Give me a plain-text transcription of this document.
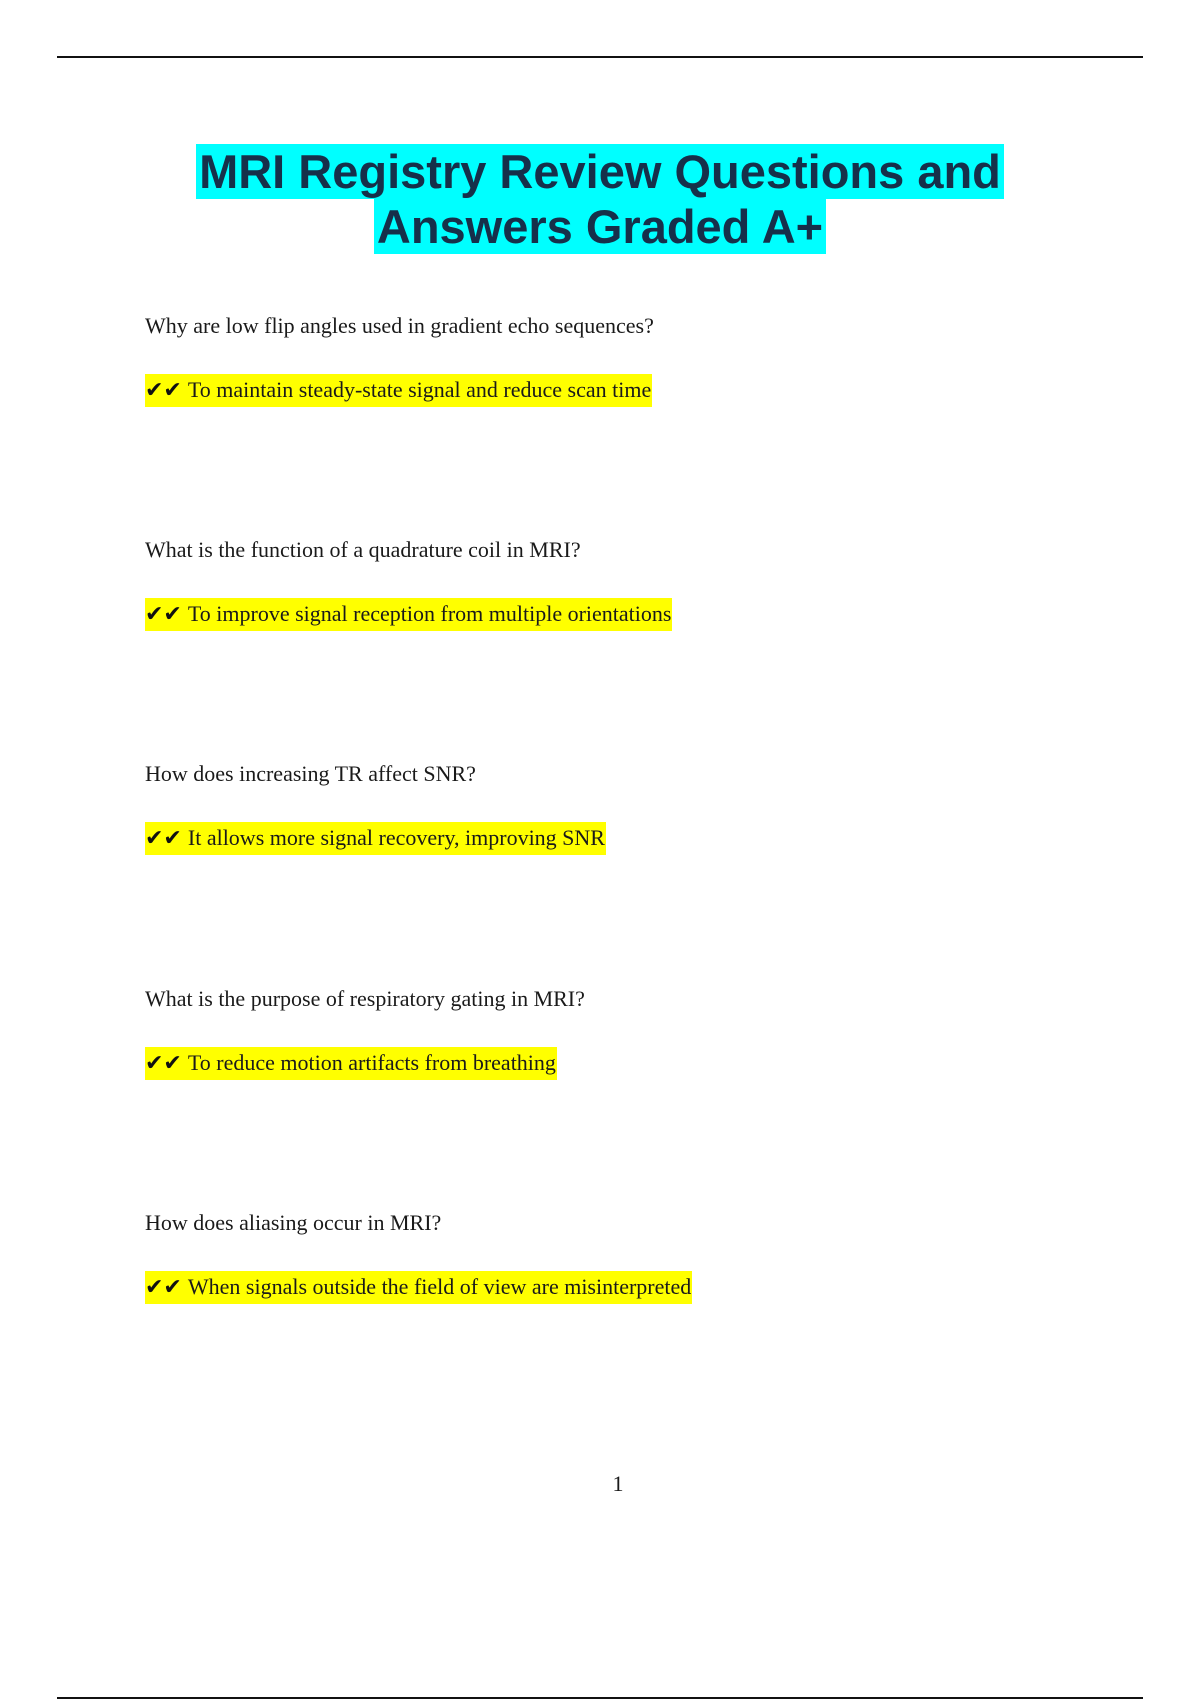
MRI Registry Review Questions and
Answers Graded A+

Why are low flip angles used in gradient echo sequences?

✔✔ To maintain steady-state signal and reduce scan time

What is the function of a quadrature coil in MRI?

✔✔ To improve signal reception from multiple orientations

How does increasing TR affect SNR?

✔✔ It allows more signal recovery, improving SNR

What is the purpose of respiratory gating in MRI?

✔✔ To reduce motion artifacts from breathing

How does aliasing occur in MRI?

✔✔ When signals outside the field of view are misinterpreted

1
